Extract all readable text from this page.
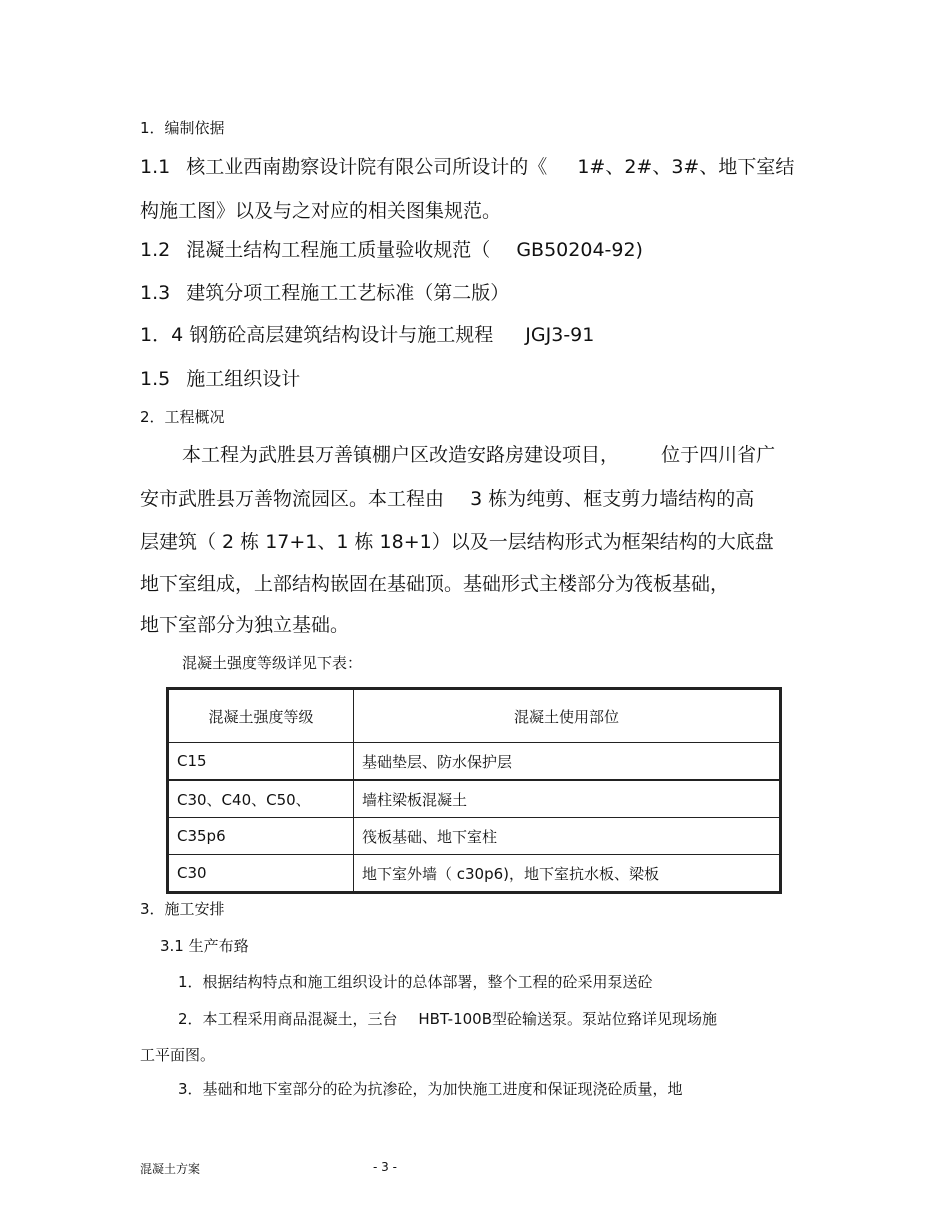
1．编制依据
1.1 核工业西南勘察设计院有限公司所设计的《 1#、2#、3#、地下室结
构施工图》以及与之对应的相关图集规范。
1.2 混凝土结构工程施工质量验收规范（ GB50204-92)
1.3 建筑分项工程施工工艺标准（第二版）
1．4 钢筋砼高层建筑结构设计与施工规程 JGJ3-91
1.5 施工组织设计
2．工程概况
本工程为武胜县万善镇棚户区改造安路房建设项目， 位于四川省广
安市武胜县万善物流园区。本工程由 3 栋为纯剪、框支剪力墙结构的高
层建筑（ 2 栋 17+1、1 栋 18+1）以及一层结构形式为框架结构的大底盘
地下室组成，上部结构嵌固在基础顶。基础形式主楼部分为筏板基础，
地下室部分为独立基础。
混凝土强度等级详见下表：
混凝土强度等级	混凝土使用部位
C15	基础垫层、防水保护层
C30、C40、C50、	墙柱梁板混凝土
C35p6	筏板基础、地下室柱
C30	地下室外墙（ c30p6)，地下室抗水板、梁板
3．施工安排
3.1 生产布臵
1．根据结构特点和施工组织设计的总体部署，整个工程的砼采用泵送砼
2．本工程采用商品混凝土，三台 HBT-100B型砼输送泵。泵站位臵详见现场施
工平面图。
3．基础和地下室部分的砼为抗渗砼，为加快施工进度和保证现浇砼质量，地
混凝土方案	- 3 -
